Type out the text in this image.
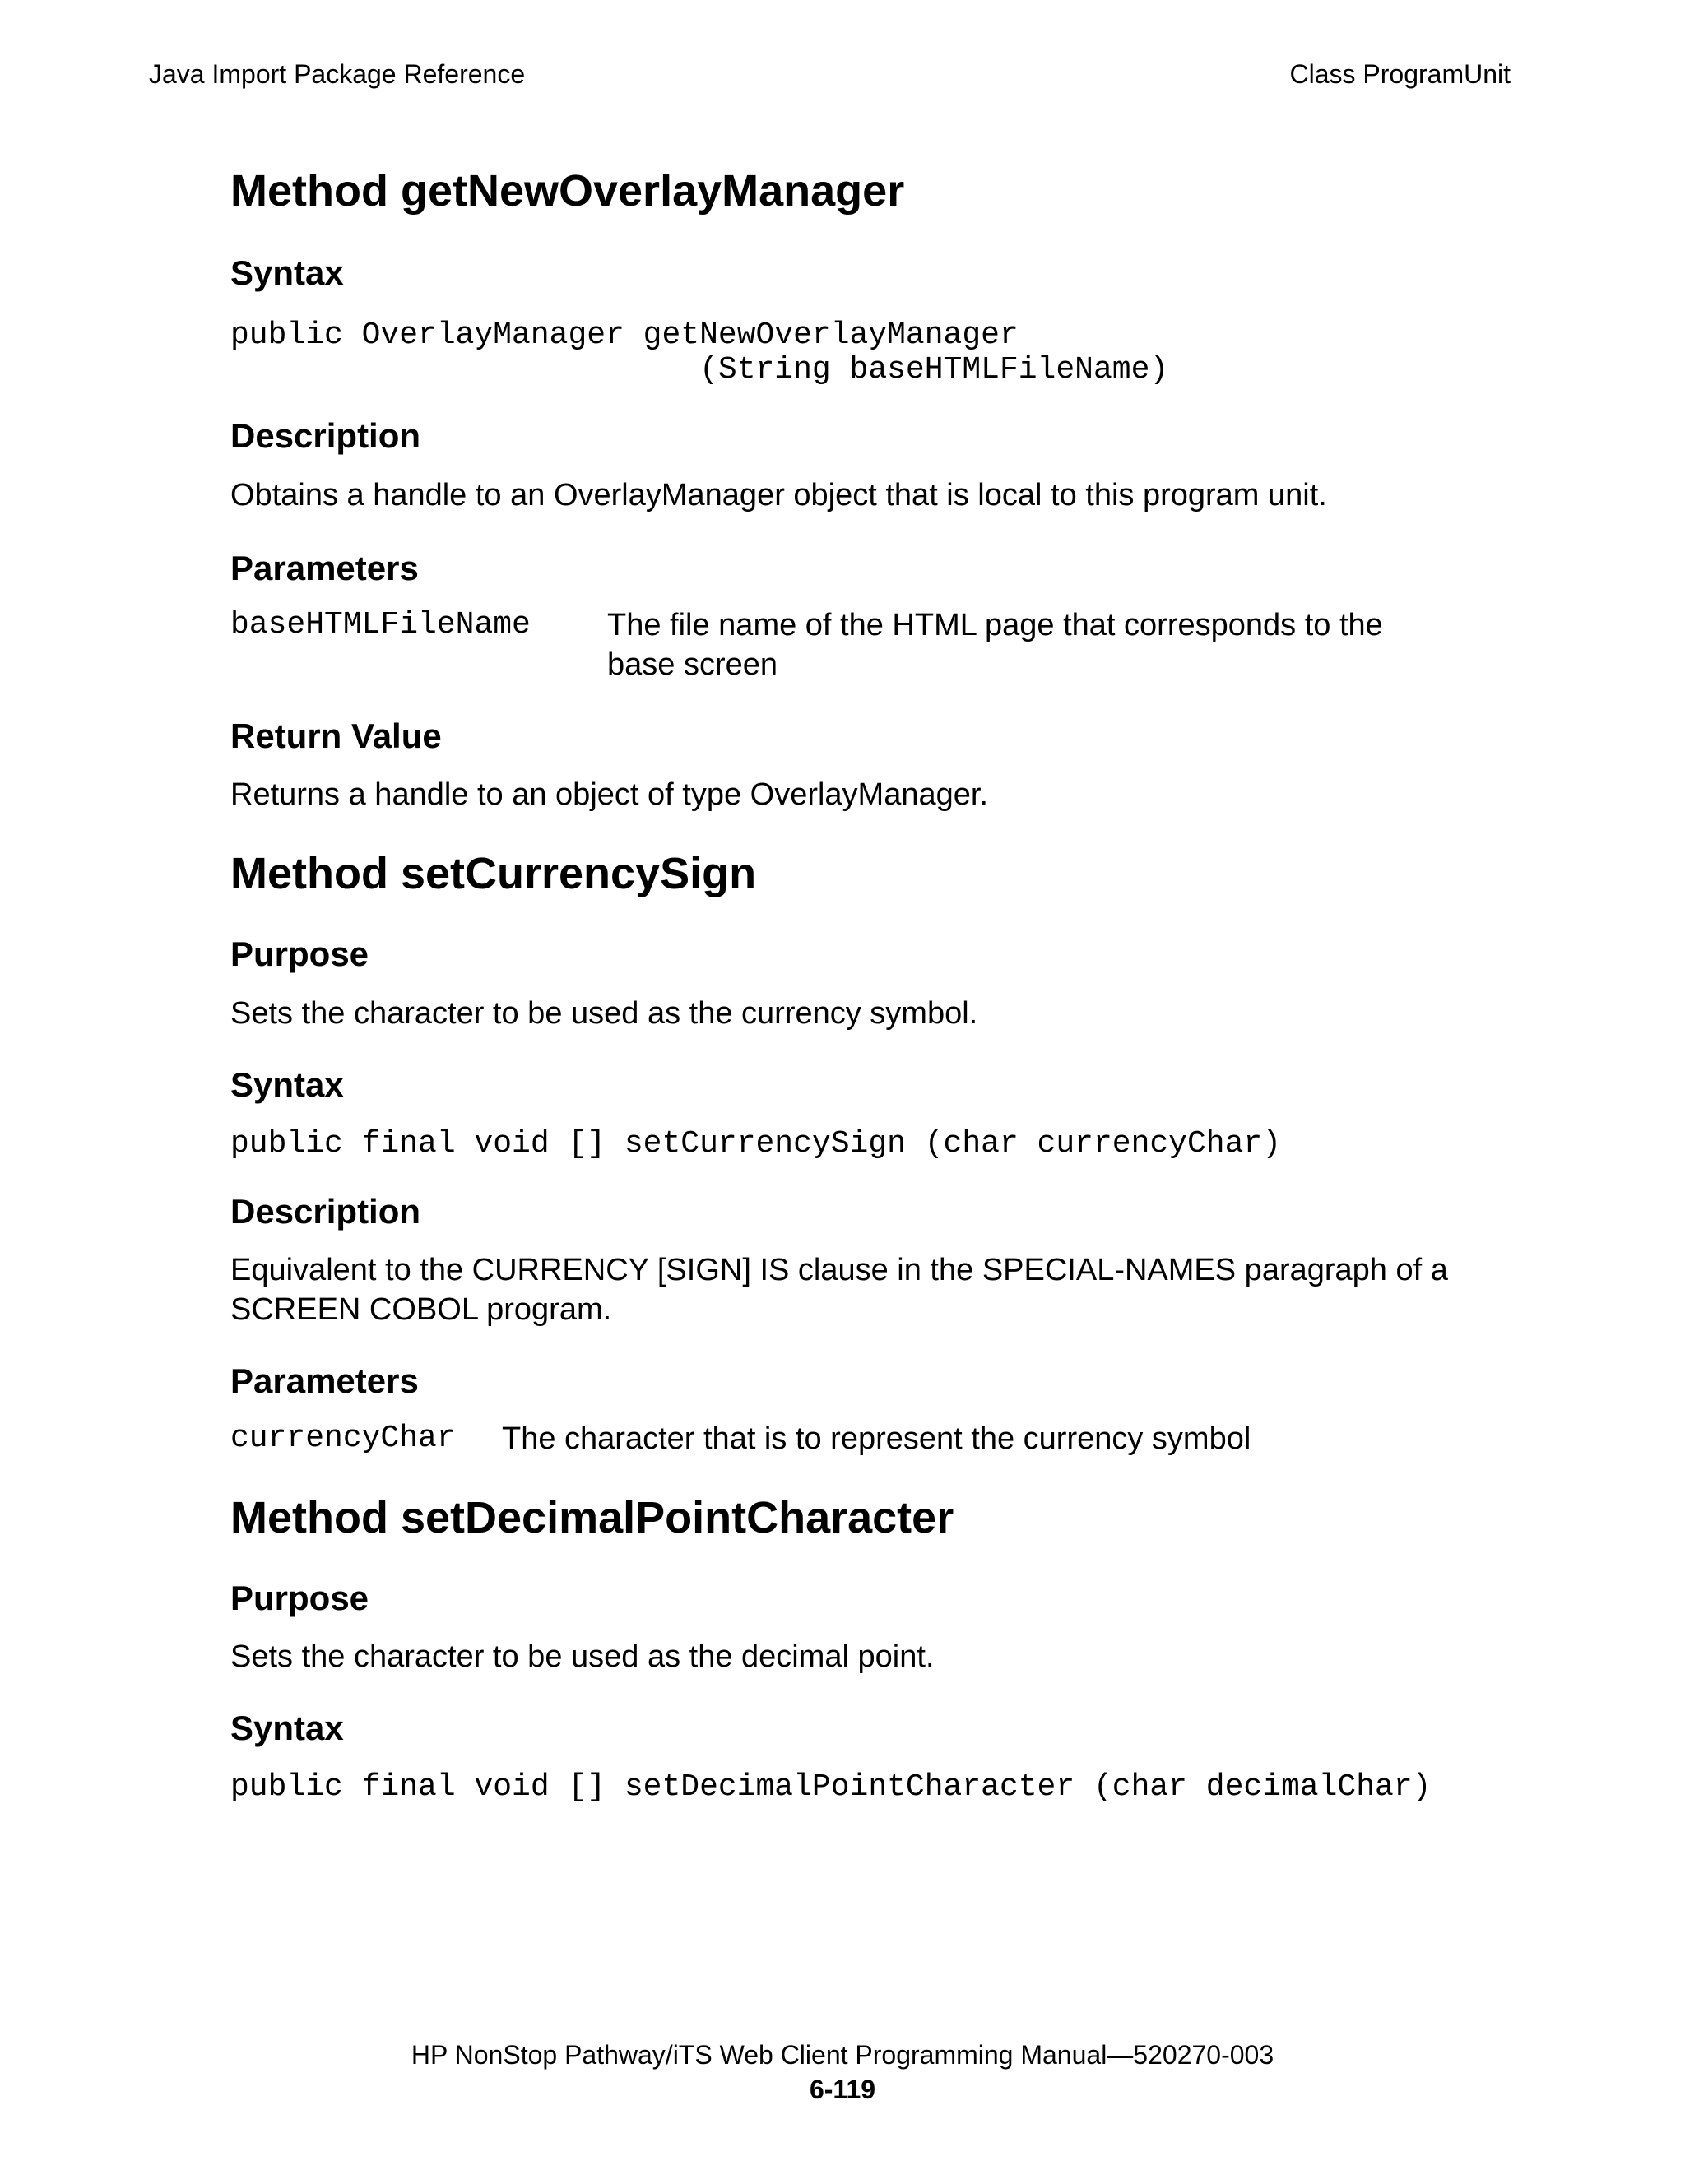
Java Import Package Reference	Class ProgramUnit
Method getNewOverlayManager
Syntax
public OverlayManager getNewOverlayManager
(String baseHTMLFileName)
Description

Obtains a handle to an OverlayManager object that is local to this program unit.

Parameters
baseHTMLFileName	The file name of the HTML page that corresponds to the base screen
Return Value

Returns a handle to an object of type OverlayManager.

Method setCurrencySign
Purpose

Sets the character to be used as the currency symbol.

Syntax
public final void [] setCurrencySign (char currencyChar)
Description

Equivalent to the CURRENCY [SIGN] IS clause in the SPECIAL-NAMES paragraph of a SCREEN COBOL program.

Parameters
currencyChar	The character that is to represent the currency symbol
Method setDecimalPointCharacter
Purpose

Sets the character to be used as the decimal point.

Syntax
public final void [] setDecimalPointCharacter (char decimalChar)
HP NonStop Pathway/iTS Web Client Programming Manual—520270-003
6-119
